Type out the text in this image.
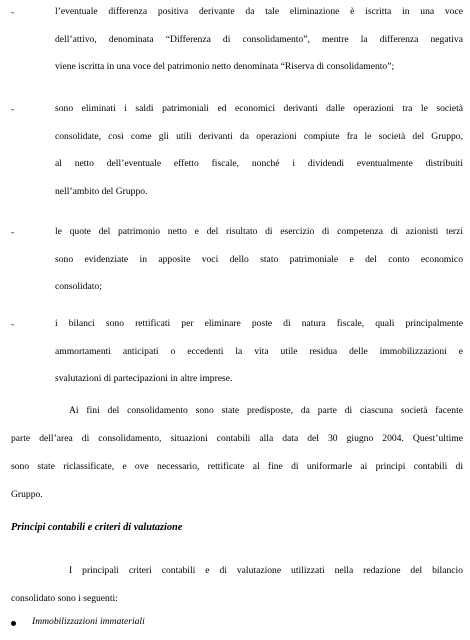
-	l’eventuale differenza positiva derivante da tale eliminazione è iscritta in una voce
dell’attivo, denominata “Differenza di consolidamento”, mentre la differenza negativa
viene iscritta in una voce del patrimonio netto denominata “Riserva di consolidamento”;
-	sono eliminati i saldi patrimoniali ed economici derivanti dalle operazioni tra le società
consolidate, così come gli utili derivanti da operazioni compiute fra le società del Gruppo,
al netto dell’eventuale effetto fiscale, nonché i dividendi eventualmente distribuiti
nell’ambito del Gruppo.
-	le quote del patrimonio netto e del risultato di esercizio di competenza di azionisti terzi
sono evidenziate in apposite voci dello stato patrimoniale e del conto economico
consolidato;
-	i bilanci sono rettificati per eliminare poste di natura fiscale, quali principalmente
ammortamenti anticipati o eccedenti la vita utile residua delle immobilizzazioni e
svalutazioni di partecipazioni in altre imprese.
Ai fini del consolidamento sono state predisposte, da parte di ciascuna società facente
parte dell’area di consolidamento, situazioni contabili alla data del 30 giugno 2004. Quest’ultime
sono state riclassificate, e ove necessario, rettificate al fine di uniformarle ai principi contabili di
Gruppo.
Principi contabili e criteri di valutazione
I principali criteri contabili e di valutazione utilizzati nella redazione del bilancio
consolidato sono i seguenti:
Immobilizzazioni immateriali
